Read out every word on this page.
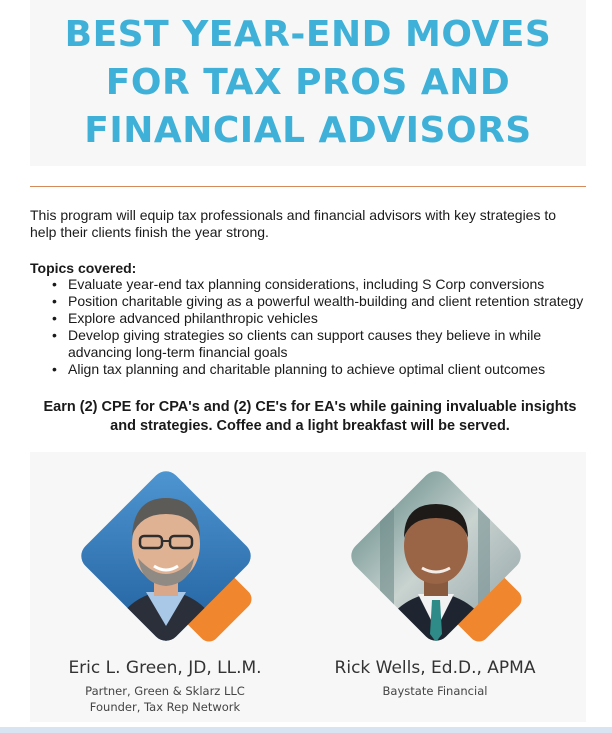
BEST YEAR-END MOVES
FOR TAX PROS AND
FINANCIAL ADVISORS

This program will equip tax professionals and financial advisors with key strategies to help their clients finish the year strong.

Topics covered:

• Evaluate year-end tax planning considerations, including S Corp conversions
• Position charitable giving as a powerful wealth-building and client retention strategy
• Explore advanced philanthropic vehicles
• Develop giving strategies so clients can support causes they believe in while advancing long-term financial goals
• Align tax planning and charitable planning to achieve optimal client outcomes

Earn (2) CPE for CPA's and (2) CE's for EA's while gaining invaluable insights and strategies. Coffee and a light breakfast will be served.

Eric L. Green, JD, LL.M.
Partner, Green & Sklarz LLC
Founder, Tax Rep Network
Rick Wells, Ed.D., APMA
Baystate Financial
